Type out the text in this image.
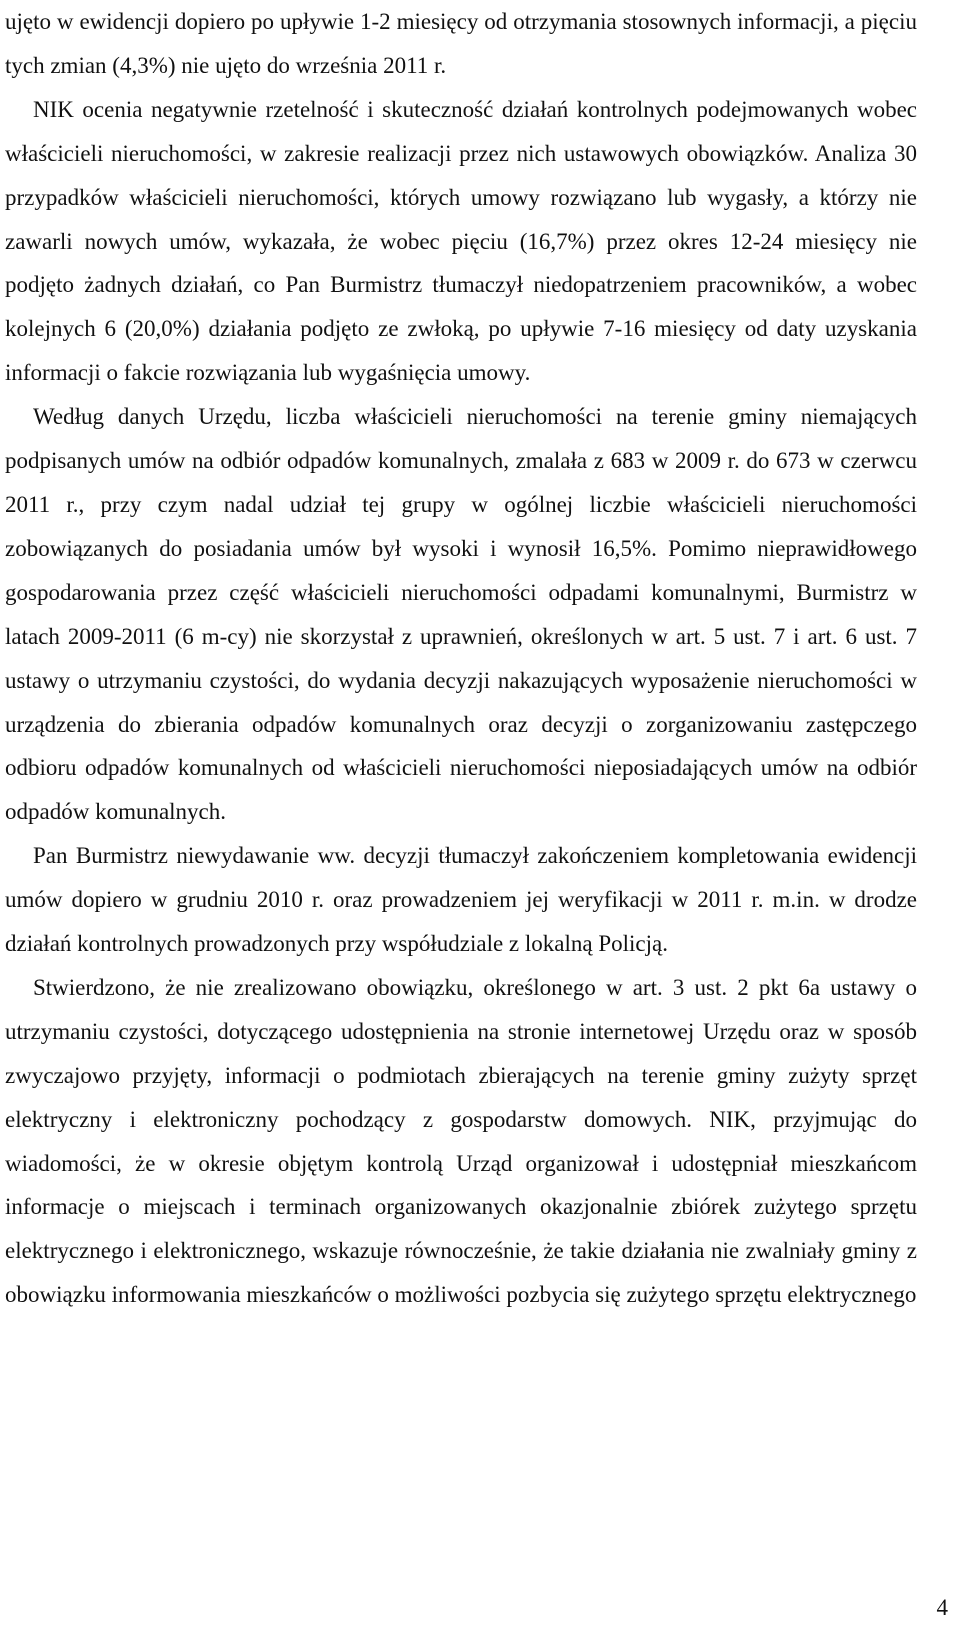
ujęto w ewidencji dopiero po upływie 1-2 miesięcy od otrzymania stosownych informacji, a pięciu tych zmian (4,3%) nie ujęto do września 2011 r.

NIK ocenia negatywnie rzetelność i skuteczność działań kontrolnych podejmowanych wobec właścicieli nieruchomości, w zakresie realizacji przez nich ustawowych obowiązków. Analiza 30 przypadków właścicieli nieruchomości, których umowy rozwiązano lub wygasły, a którzy nie zawarli nowych umów, wykazała, że wobec pięciu (16,7%) przez okres 12-24 miesięcy nie podjęto żadnych działań, co Pan Burmistrz tłumaczył niedopatrzeniem pracowników, a wobec kolejnych 6 (20,0%) działania podjęto ze zwłoką, po upływie 7-16 miesięcy od daty uzyskania informacji o fakcie rozwiązania lub wygaśnięcia umowy.

Według danych Urzędu, liczba właścicieli nieruchomości na terenie gminy niemających podpisanych umów na odbiór odpadów komunalnych, zmalała z 683 w 2009 r. do 673 w czerwcu 2011 r., przy czym nadal udział tej grupy w ogólnej liczbie właścicieli nieruchomości zobowiązanych do posiadania umów był wysoki i wynosił 16,5%. Pomimo nieprawidłowego gospodarowania przez część właścicieli nieruchomości odpadami komunalnymi, Burmistrz w latach 2009-2011 (6 m-cy) nie skorzystał z uprawnień, określonych w art. 5 ust. 7 i art. 6 ust. 7 ustawy o utrzymaniu czystości, do wydania decyzji nakazujących wyposażenie nieruchomości w urządzenia do zbierania odpadów komunalnych oraz decyzji o zorganizowaniu zastępczego odbioru odpadów komunalnych od właścicieli nieruchomości nieposiadających umów na odbiór odpadów komunalnych.

Pan Burmistrz niewydawanie ww. decyzji tłumaczył zakończeniem kompletowania ewidencji umów dopiero w grudniu 2010 r. oraz prowadzeniem jej weryfikacji w 2011 r. m.in. w drodze działań kontrolnych prowadzonych przy współudziale z lokalną Policją.

Stwierdzono, że nie zrealizowano obowiązku, określonego w art. 3 ust. 2 pkt 6a ustawy o utrzymaniu czystości, dotyczącego udostępnienia na stronie internetowej Urzędu oraz w sposób zwyczajowo przyjęty, informacji o podmiotach zbierających na terenie gminy zużyty sprzęt elektryczny i elektroniczny pochodzący z gospodarstw domowych. NIK, przyjmując do wiadomości, że w okresie objętym kontrolą Urząd organizował i udostępniał mieszkańcom informacje o miejscach i terminach organizowanych okazjonalnie zbiórek zużytego sprzętu elektrycznego i elektronicznego, wskazuje równocześnie, że takie działania nie zwalniały gminy z obowiązku informowania mieszkańców o możliwości pozbycia się zużytego sprzętu elektrycznego

4
